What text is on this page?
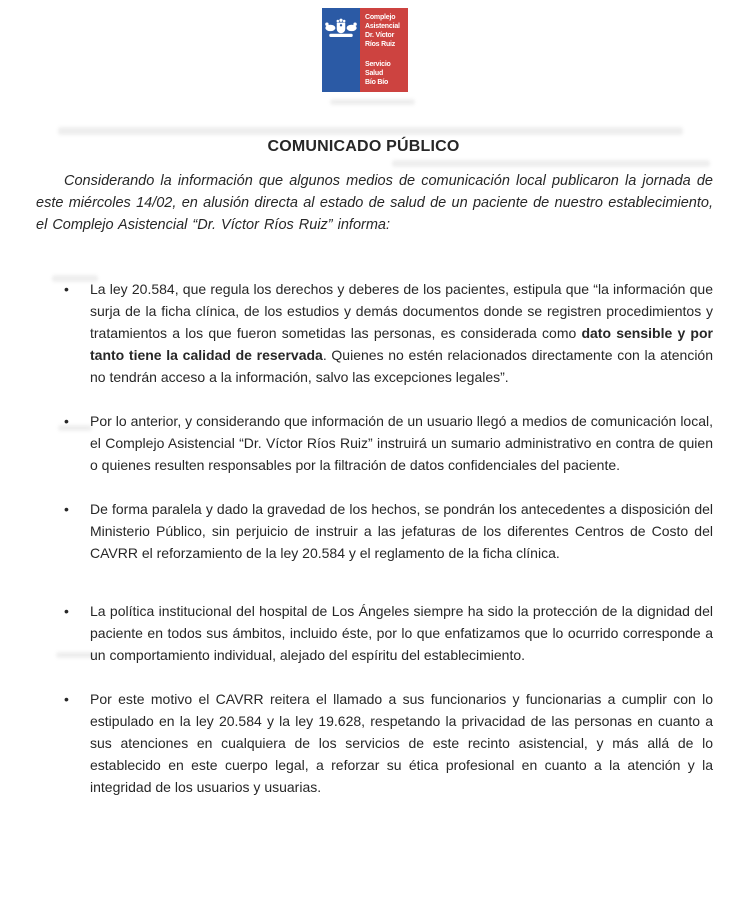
Complejo
Asistencial
Dr. Víctor
Ríos Ruiz
Servicio Salud
Bío Bío
COMUNICADO PÚBLICO

Considerando la información que algunos medios de comunicación local publicaron la jornada de este miércoles 14/02, en alusión directa al estado de salud de un paciente de nuestro establecimiento, el Complejo Asistencial “Dr. Víctor Ríos Ruiz” informa:

• La ley 20.584, que regula los derechos y deberes de los pacientes, estipula que “la información que surja de la ficha clínica, de los estudios y demás documentos donde se registren procedimientos y tratamientos a los que fueron sometidas las personas, es considerada como dato sensible y por tanto tiene la calidad de reservada. Quienes no estén relacionados directamente con la atención no tendrán acceso a la información, salvo las excepciones legales”.
• Por lo anterior, y considerando que información de un usuario llegó a medios de comunicación local, el Complejo Asistencial “Dr. Víctor Ríos Ruiz” instruirá un sumario administrativo en contra de quien o quienes resulten responsables por la filtración de datos confidenciales del paciente.
• De forma paralela y dado la gravedad de los hechos, se pondrán los antecedentes a disposición del Ministerio Público, sin perjuicio de instruir a las jefaturas de los diferentes Centros de Costo del CAVRR el reforzamiento de la ley 20.584 y el reglamento de la ficha clínica.
• La política institucional del hospital de Los Ángeles siempre ha sido la protección de la dignidad del paciente en todos sus ámbitos, incluido éste, por lo que enfatizamos que lo ocurrido corresponde a un comportamiento individual, alejado del espíritu del establecimiento.
• Por este motivo el CAVRR reitera el llamado a sus funcionarios y funcionarias a cumplir con lo estipulado en la ley 20.584 y la ley 19.628, respetando la privacidad de las personas en cuanto a sus atenciones en cualquiera de los servicios de este recinto asistencial, y más allá de lo establecido en este cuerpo legal, a reforzar su ética profesional en cuanto a la atención y la integridad de los usuarios y usuarias.
